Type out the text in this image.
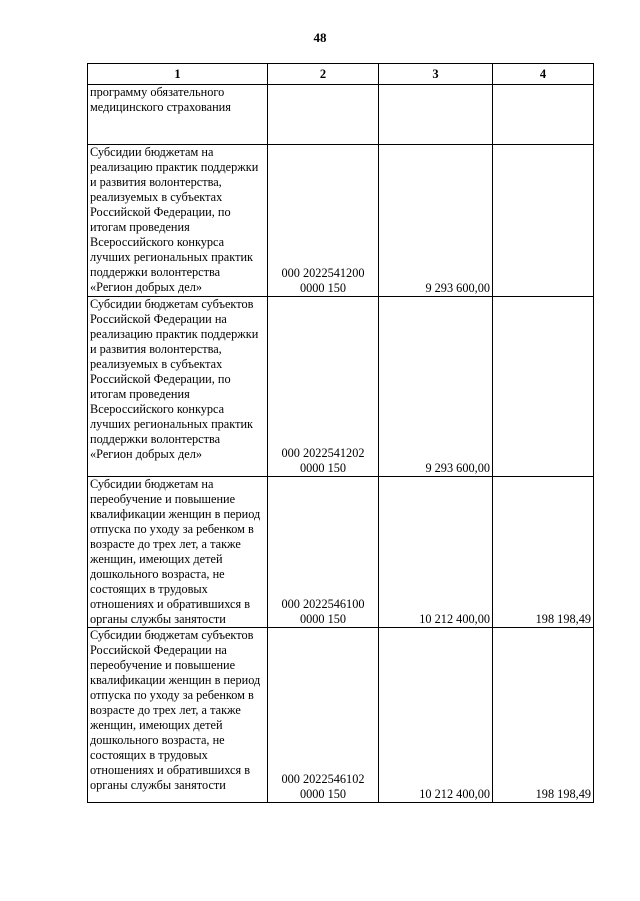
48
1	2	3	4
программу обязательного медицинского страхования	

Субсидии бюджетам на реализацию практик поддержки и развития волонтерства, реализуемых в субъектах Российской Федерации, по итогам проведения Всероссийского конкурса лучших региональных практик поддержки волонтерства «Регион добрых дел»	000 2022541200
0000 150	9 293 600,00	
Субсидии бюджетам субъектов Российской Федерации на реализацию практик поддержки и развития волонтерства, реализуемых в субъектах Российской Федерации, по итогам проведения Всероссийского конкурса лучших региональных практик поддержки волонтерства «Регион добрых дел»	000 2022541202
0000 150	9 293 600,00	
Субсидии бюджетам на переобучение и повышение квалификации женщин в период отпуска по уходу за ребенком в возрасте до трех лет, а также женщин, имеющих детей дошкольного возраста, не состоящих в трудовых отношениях и обратившихся в органы службы занятости	000 2022546100
0000 150	10 212 400,00	198 198,49
Субсидии бюджетам субъектов Российской Федерации на переобучение и повышение квалификации женщин в период отпуска по уходу за ребенком в возрасте до трех лет, а также женщин, имеющих детей дошкольного возраста, не состоящих в трудовых отношениях и обратившихся в органы службы занятости	000 2022546102
0000 150	10 212 400,00	198 198,49
